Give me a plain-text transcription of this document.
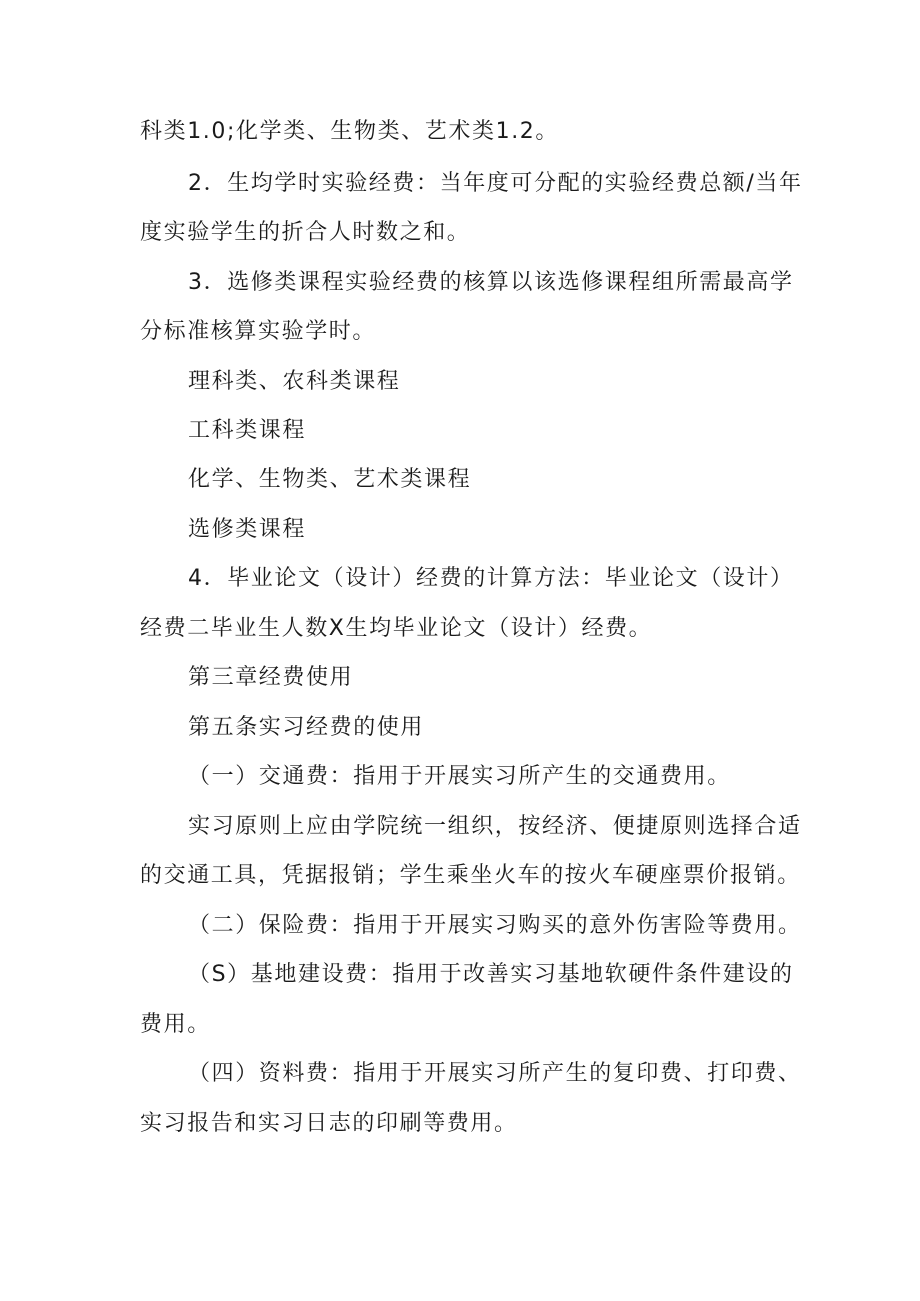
科类1.0;化学类、生物类、艺术类1.2。

2．生均学时实验经费：当年度可分配的实验经费总额/当年

度实验学生的折合人时数之和。

3．选修类课程实验经费的核算以该选修课程组所需最高学

分标准核算实验学时。

理科类、农科类课程

工科类课程

化学、生物类、艺术类课程

选修类课程

4．毕业论文（设计）经费的计算方法：毕业论文（设计）

经费二毕业生人数X生均毕业论文（设计）经费。

第三章经费使用

第五条实习经费的使用

（一）交通费：指用于开展实习所产生的交通费用。

实习原则上应由学院统一组织，按经济、便捷原则选择合适

的交通工具，凭据报销；学生乘坐火车的按火车硬座票价报销。

（二）保险费：指用于开展实习购买的意外伤害险等费用。

（S）基地建设费：指用于改善实习基地软硬件条件建设的

费用。

（四）资料费：指用于开展实习所产生的复印费、打印费、

实习报告和实习日志的印刷等费用。
